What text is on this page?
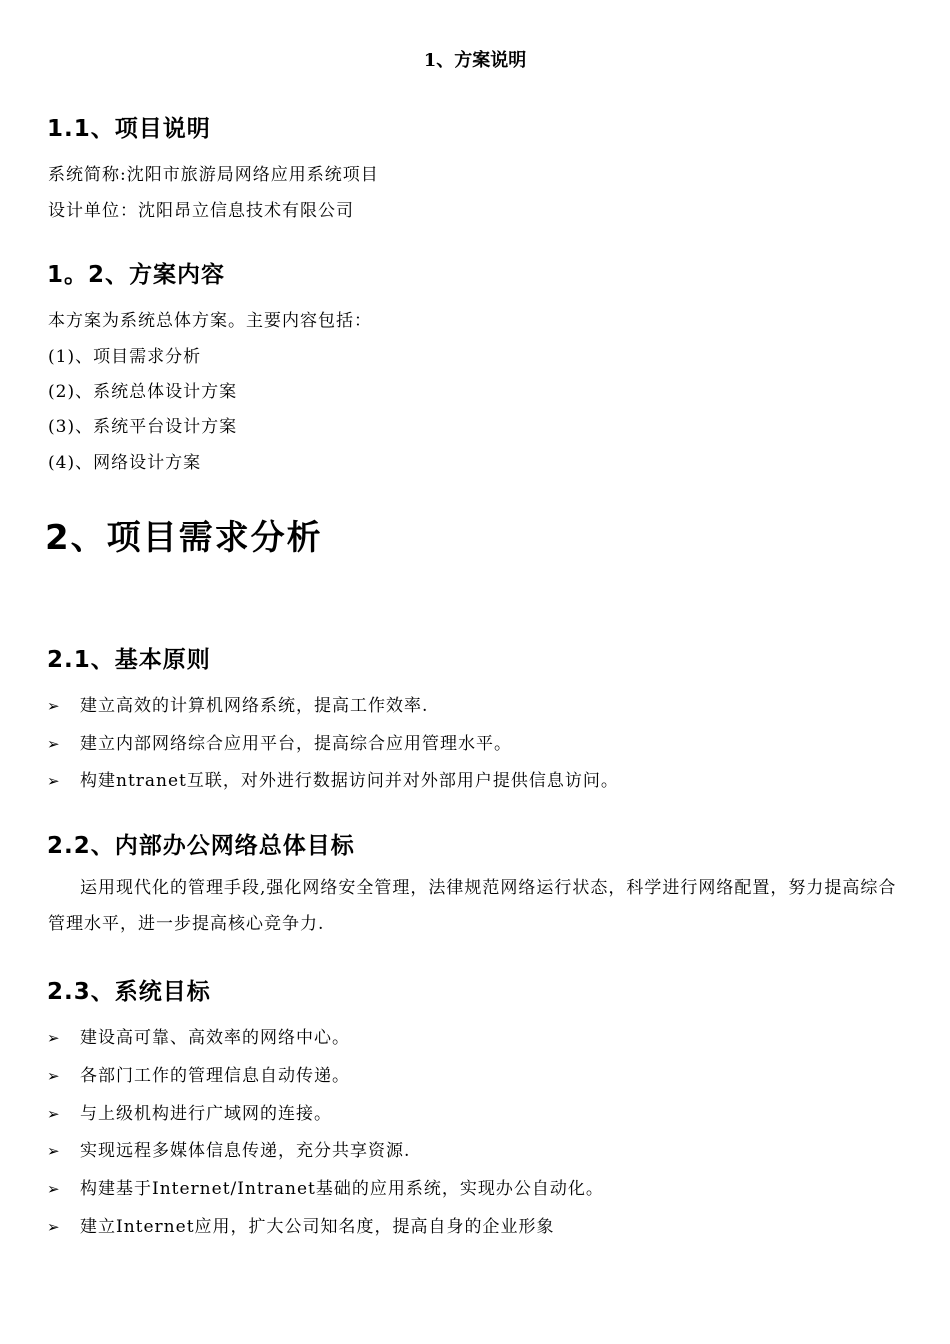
1、方案说明
1.1、项目说明
系统简称:沈阳市旅游局网络应用系统项目
设计单位：沈阳昂立信息技术有限公司
1。2、方案内容
本方案为系统总体方案。主要内容包括：
(1)、项目需求分析
(2)、系统总体设计方案
(3)、系统平台设计方案
(4)、网络设计方案
2、项目需求分析
2.1、基本原则
➢ 建立高效的计算机网络系统，提高工作效率.
➢ 建立内部网络综合应用平台，提高综合应用管理水平。
➢ 构建ntranet互联，对外进行数据访问并对外部用户提供信息访问。
2.2、内部办公网络总体目标
运用现代化的管理手段,强化网络安全管理，法律规范网络运行状态，科学进行网络配置，努力提高综合管理水平，进一步提高核心竞争力.
2.3、系统目标
➢ 建设高可靠、高效率的网络中心。
➢ 各部门工作的管理信息自动传递。
➢ 与上级机构进行广域网的连接。
➢ 实现远程多媒体信息传递，充分共享资源.
➢ 构建基于Internet/Intranet基础的应用系统，实现办公自动化。
➢ 建立Internet应用，扩大公司知名度，提高自身的企业形象
